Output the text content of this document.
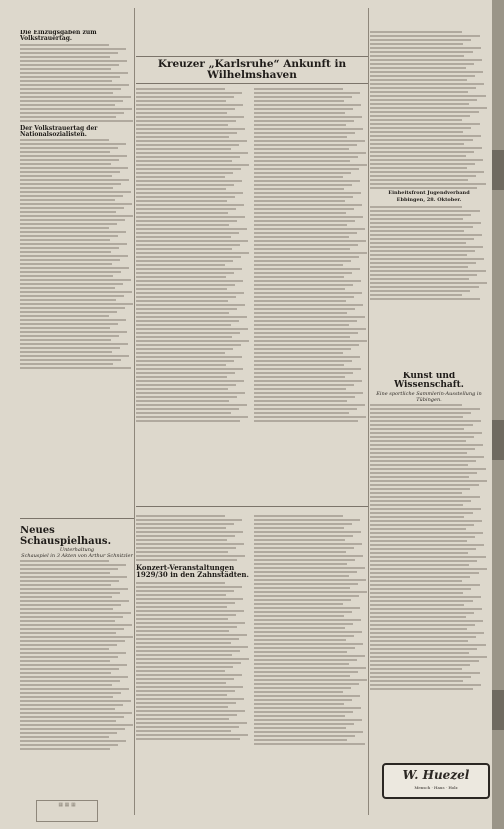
Die Einzugsgaben zum Volkstrauertag.
Der Volkstrauertag der Nationalsozialisten.
Neues Schauspielhaus.
Unterhaltung
Schauspiel in 3 Akten von Arthur Schnitzler
Kreuzer „Karlsruhe“ Ankunft in Wilhelmshaven
Konzert-Veranstaltungen 1929/30 in den Zahnstädten.
Einheitsfront Jugendverband
Ebbingen, 28. Oktober.
Kunst und Wissenschaft.
Eine sportliche Sammlerin-Ausstellung in Tübingen.
W. Huezel
Mensch · Haus · Holz
▦ ▦ ▦
